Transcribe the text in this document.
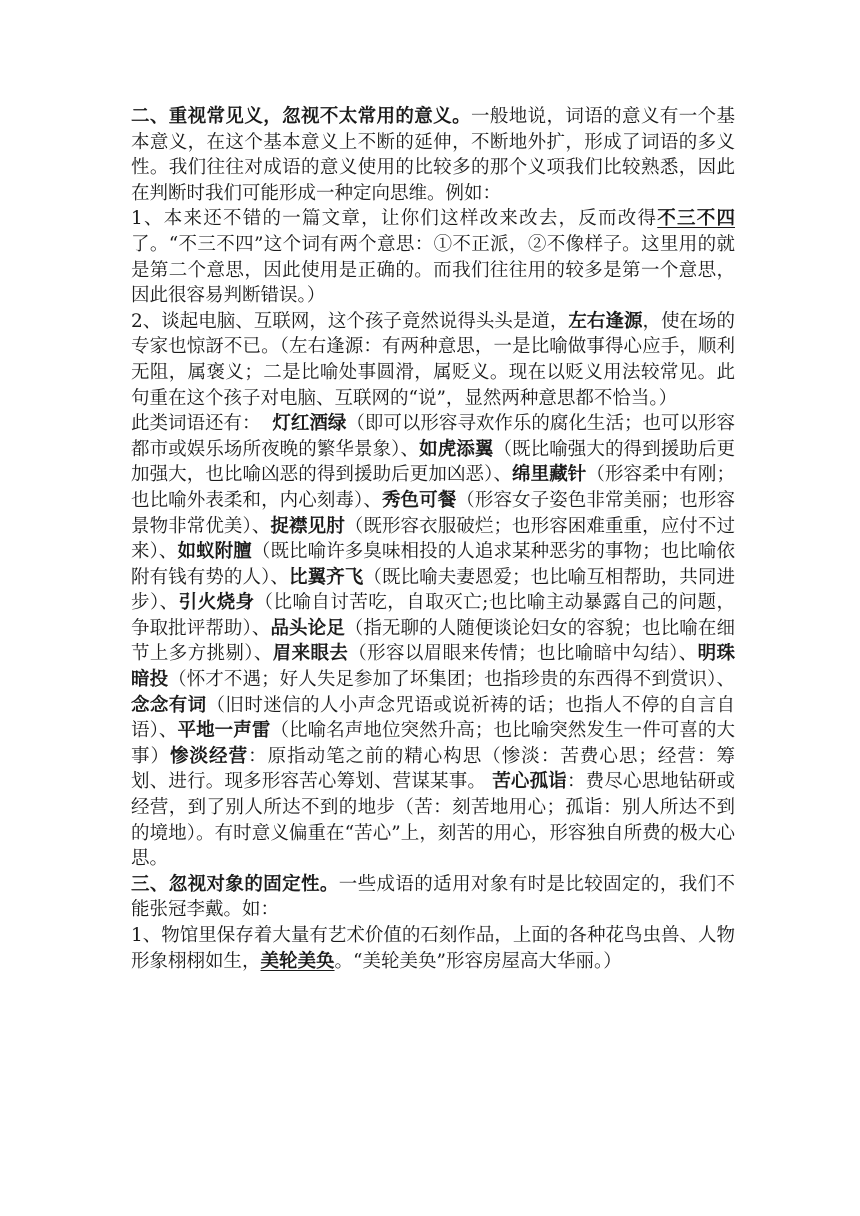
二、重视常见义，忽视不太常用的意义。一般地说，词语的意义有一个基本意义，在这个基本意义上不断的延伸，不断地外扩，形成了词语的多义性。我们往往对成语的意义使用的比较多的那个义项我们比较熟悉，因此在判断时我们可能形成一种定向思维。例如：

1、本来还不错的一篇文章，让你们这样改来改去，反而改得不三不四了。“不三不四”这个词有两个意思：①不正派，②不像样子。这里用的就是第二个意思，因此使用是正确的。而我们往往用的较多是第一个意思，因此很容易判断错误。）

2、谈起电脑、互联网，这个孩子竟然说得头头是道，左右逢源，使在场的专家也惊訝不已。（左右逢源：有两种意思，一是比喻做事得心应手，顺利无阻，属褒义；二是比喻处事圆滑，属贬义。现在以贬义用法较常见。此句重在这个孩子对电脑、互联网的“说”，显然两种意思都不恰当。）

此类词语还有： 灯红酒绿（即可以形容寻欢作乐的腐化生活；也可以形容都市或娱乐场所夜晚的繁华景象）、如虎添翼（既比喻强大的得到援助后更加强大，也比喻凶恶的得到援助后更加凶恶）、绵里藏针（形容柔中有刚；也比喻外表柔和，内心刻毒）、秀色可餐（形容女子姿色非常美丽；也形容景物非常优美）、捉襟见肘（既形容衣服破烂；也形容困难重重，应付不过来）、如蚁附膻（既比喻许多臭味相投的人追求某种恶劣的事物；也比喻依附有钱有势的人）、比翼齐飞（既比喻夫妻恩爱；也比喻互相帮助，共同进步）、引火烧身（比喻自讨苦吃，自取灭亡;也比喻主动暴露自己的问题，争取批评帮助）、品头论足（指无聊的人随便谈论妇女的容貌；也比喻在细节上多方挑剔）、眉来眼去（形容以眉眼来传情；也比喻暗中勾结）、明珠暗投（怀才不遇；好人失足参加了坏集团；也指珍贵的东西得不到赏识）、念念有词（旧时迷信的人小声念咒语或说祈祷的话；也指人不停的自言自语）、平地一声雷（比喻名声地位突然升高；也比喻突然发生一件可喜的大事）惨淡经营：原指动笔之前的精心构思（惨淡：苦费心思；经营：筹划、进行。现多形容苦心筹划、营谋某事。 苦心孤诣：费尽心思地钻研或经营，到了别人所达不到的地步（苦：刻苦地用心；孤诣：别人所达不到的境地）。有时意义偏重在“苦心”上，刻苦的用心，形容独自所费的极大心思。

三、忽视对象的固定性。一些成语的适用对象有时是比较固定的，我们不能张冠李戴。如：

1、物馆里保存着大量有艺术价值的石刻作品，上面的各种花鸟虫兽、人物形象栩栩如生，美轮美奂。“美轮美奂”形容房屋高大华丽。）
